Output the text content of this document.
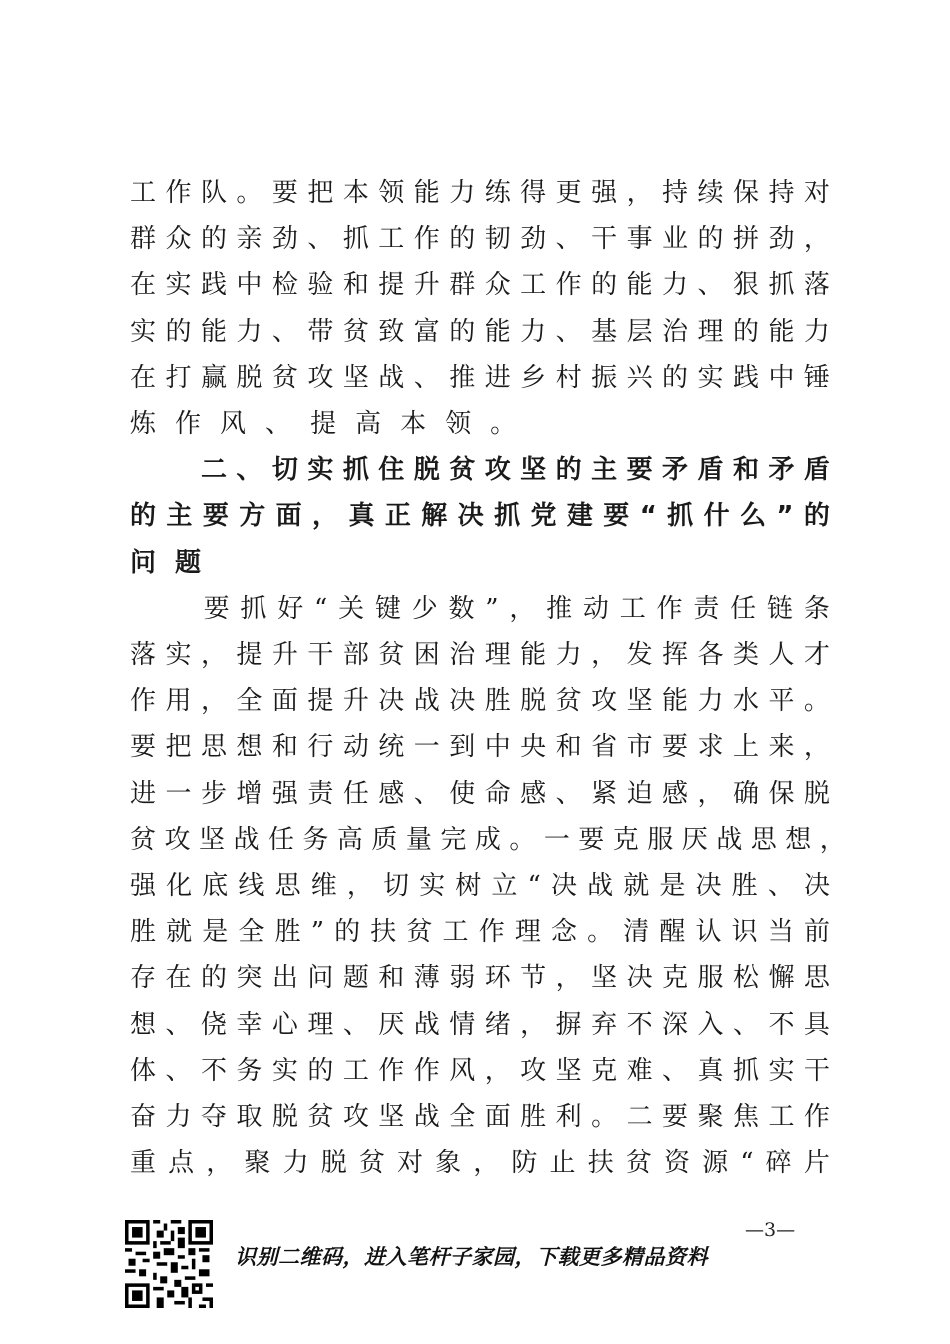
工 作 队 。 要 把 本 领 能 力 练 得 更 强 ， 持 续 保 持 对
群 众 的 亲 劲 、 抓 工 作 的 韧 劲 、 干 事 业 的 拼 劲 ，
在 实 践 中 检 验 和 提 升 群 众 工 作 的 能 力 、 狠 抓 落
实 的 能 力 、 带 贫 致 富 的 能 力 、 基 层 治 理 的 能 力
在 打 赢 脱 贫 攻 坚 战 、 推 进 乡 村 振 兴 的 实 践 中 锤
炼 作 风 、 提 高 本 领 。

二 、 切 实 抓 住 脱 贫 攻 坚 的 主 要 矛 盾 和 矛 盾
的 主 要 方 面 ， 真 正 解 决 抓 党 建 要 “ 抓 什 么 ” 的
问 题

要 抓 好 “ 关 键 少 数 ” ， 推 动 工 作 责 任 链 条
落 实 ， 提 升 干 部 贫 困 治 理 能 力 ， 发 挥 各 类 人 才
作 用 ， 全 面 提 升 决 战 决 胜 脱 贫 攻 坚 能 力 水 平 。
要 把 思 想 和 行 动 统 一 到 中 央 和 省 市 要 求 上 来 ，
进 一 步 增 强 责 任 感 、 使 命 感 、 紧 迫 感 ， 确 保 脱
贫 攻 坚 战 任 务 高 质 量 完 成 。 一 要 克 服 厌 战 思 想 ，
强 化 底 线 思 维 ， 切 实 树 立 “ 决 战 就 是 决 胜 、 决
胜 就 是 全 胜 ” 的 扶 贫 工 作 理 念 。 清 醒 认 识 当 前
存 在 的 突 出 问 题 和 薄 弱 环 节 ， 坚 决 克 服 松 懈 思
想 、 侥 幸 心 理 、 厌 战 情 绪 ， 摒 弃 不 深 入 、 不 具
体 、 不 务 实 的 工 作 作 风 ， 攻 坚 克 难 、 真 抓 实 干
奋 力 夺 取 脱 贫 攻 坚 战 全 面 胜 利 。 二 要 聚 焦 工 作
重 点 ， 聚 力 脱 贫 对 象 ， 防 止 扶 贫 资 源 “ 碎 片
识别二维码，进入笔杆子家园，下载更多精品资料
—3—
